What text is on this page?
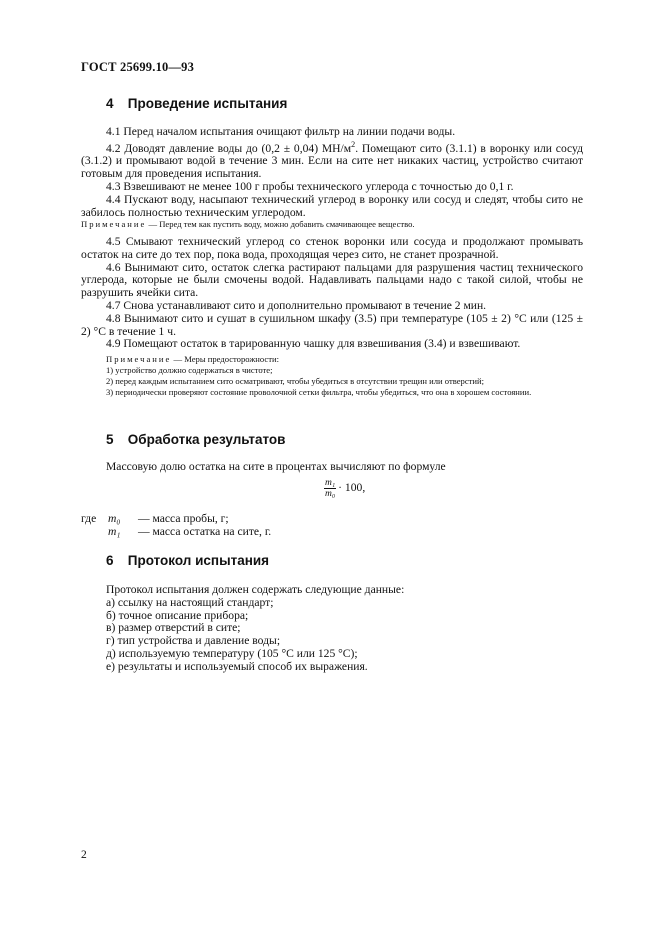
ГОСТ 25699.10—93
4 Проведение испытания

4.1 Перед началом испытания очищают фильтр на линии подачи воды.

4.2 Доводят давление воды до (0,2 ± 0,04) $МН/м^2$. Помещают сито (3.1.1) в воронку или сосуд (3.1.2) и промывают водой в течение 3 мин. Если на сите нет никаких частиц, устройство считают готовым для проведения испытания.

4.3 Взвешивают не менее 100 г пробы технического углерода с точностью до 0,1 г.

4.4 Пускают воду, насыпают технический углерод в воронку или сосуд и следят, чтобы сито не забилось полностью техническим углеродом.

Примечание — Перед тем как пустить воду, можно добавить смачивающее вещество.

4.5 Смывают технический углерод со стенок воронки или сосуда и продолжают промывать остаток на сите до тех пор, пока вода, проходящая через сито, не станет прозрачной.

4.6 Вынимают сито, остаток слегка растирают пальцами для разрушения частиц технического углерода, которые не были смочены водой. Надавливать пальцами надо с такой силой, чтобы не разрушить ячейки сита.

4.7 Снова устанавливают сито и дополнительно промывают в течение 2 мин.

4.8 Вынимают сито и сушат в сушильном шкафу (3.5) при температуре (105 ± 2) °С или (125 ± 2) °С в течение 1 ч.

4.9 Помещают остаток в тарированную чашку для взвешивания (3.4) и взвешивают.

Примечание — Меры предосторожности:

1) устройство должно содержаться в чистоте;

2) перед каждым испытанием сито осматривают, чтобы убедиться в отсутствии трещин или отверстий;

3) периодически проверяют состояние проволочной сетки фильтра, чтобы убедиться, что она в хорошем состоянии.

5 Обработка результатов

Массовую долю остатка на сите в процентах вычисляют по формуле

$\frac{\text{m₁}}{\text{m₀}} \cdot 100$,
где m₀ — масса пробы, г;
m₁ — масса остатка на сите, г.
6 Протокол испытания
Протокол испытания должен содержать следующие данные:
а) ссылку на настоящий стандарт;
б) точное описание прибора;
в) размер отверстий в сите;
г) тип устройства и давление воды;
д) используемую температуру (105 °С или 125 °С);
е) результаты и используемый способ их выражения.
2
